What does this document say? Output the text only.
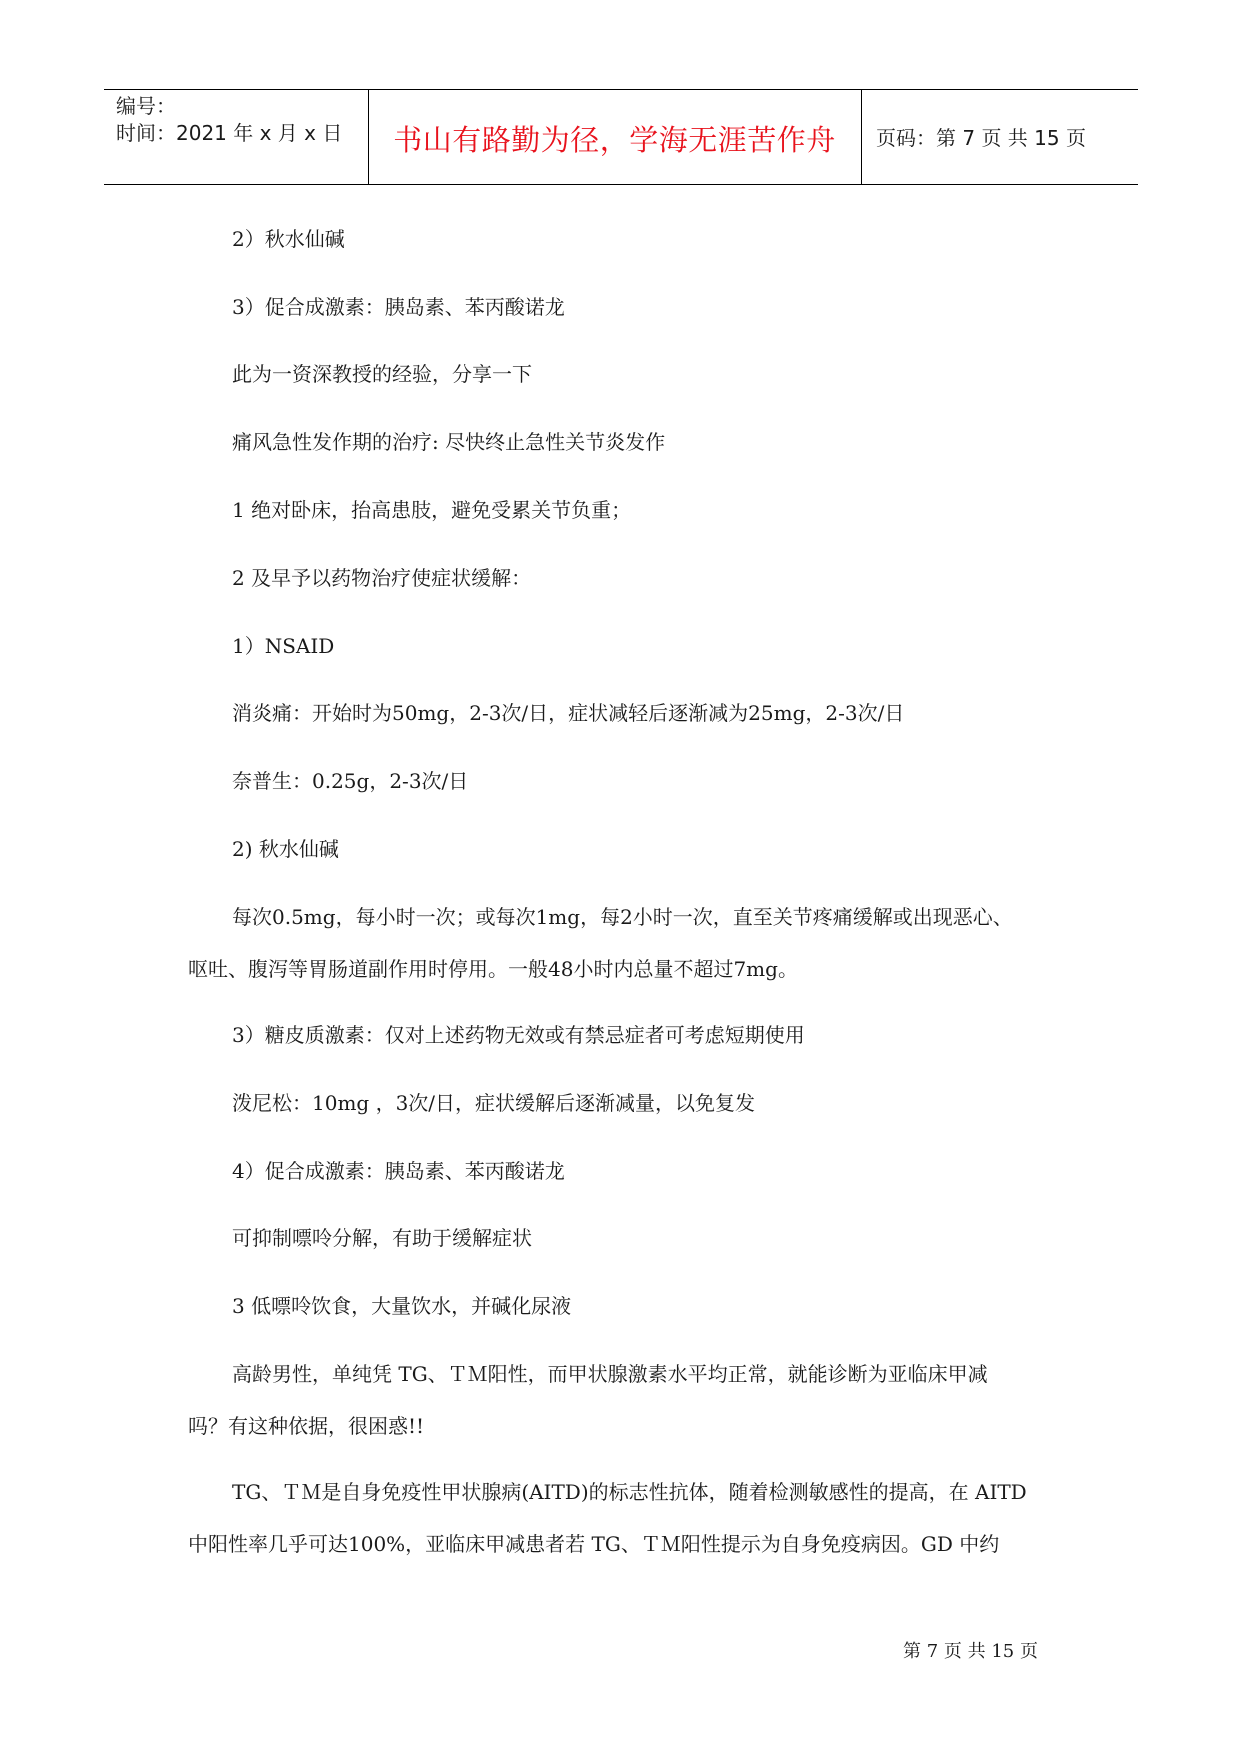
编号：
时间：2021 年 x 月 x 日	书山有路勤为径，学海无涯苦作舟	页码：第 7 页 共 15 页

2）秋水仙碱

3）促合成激素：胰岛素、苯丙酸诺龙

此为一资深教授的经验，分享一下

痛风急性发作期的治疗: 尽快终止急性关节炎发作

1 绝对卧床，抬高患肢，避免受累关节负重；

2 及早予以药物治疗使症状缓解：

1）NSAID

消炎痛：开始时为50mg，2-3次/日，症状减轻后逐渐减为25mg，2-3次/日

奈普生：0.25g，2-3次/日

2) 秋水仙碱

每次0.5mg，每小时一次；或每次1mg，每2小时一次，直至关节疼痛缓解或出现恶心、

呕吐、腹泻等胃肠道副作用时停用。一般48小时内总量不超过7mg。

3）糖皮质激素：仅对上述药物无效或有禁忌症者可考虑短期使用

泼尼松：10mg ，3次/日，症状缓解后逐渐减量，以免复发

4）促合成激素：胰岛素、苯丙酸诺龙

可抑制嘌呤分解，有助于缓解症状

3 低嘌呤饮食，大量饮水，并碱化尿液

高龄男性，单纯凭 TG、ＴＭ阳性，而甲状腺激素水平均正常，就能诊断为亚临床甲减

吗？有这种依据，很困惑!!

TG、ＴＭ是自身免疫性甲状腺病(AITD)的标志性抗体，随着检测敏感性的提高，在 AITD

中阳性率几乎可达100%，亚临床甲减患者若 TG、ＴＭ阳性提示为自身免疫病因。GD 中约

第 7 页 共 15 页
